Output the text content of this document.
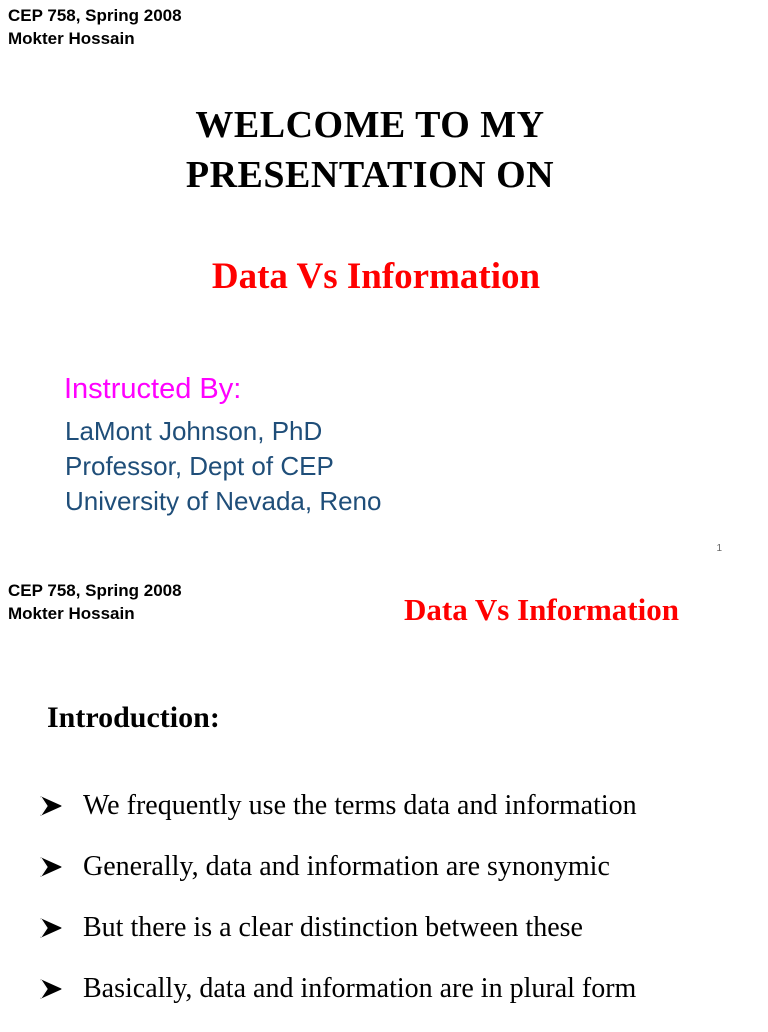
CEP 758, Spring 2008
Mokter Hossain
WELCOME TO MY
PRESENTATION ON
Data Vs Information
Instructed By:
LaMont Johnson, PhD
Professor, Dept of CEP
University of Nevada, Reno
1
CEP 758, Spring 2008
Mokter Hossain	Data Vs Information
Introduction:
We frequently use the terms data and information
Generally, data and information are synonymic
But there is a clear distinction between these
Basically, data and information are in plural form
